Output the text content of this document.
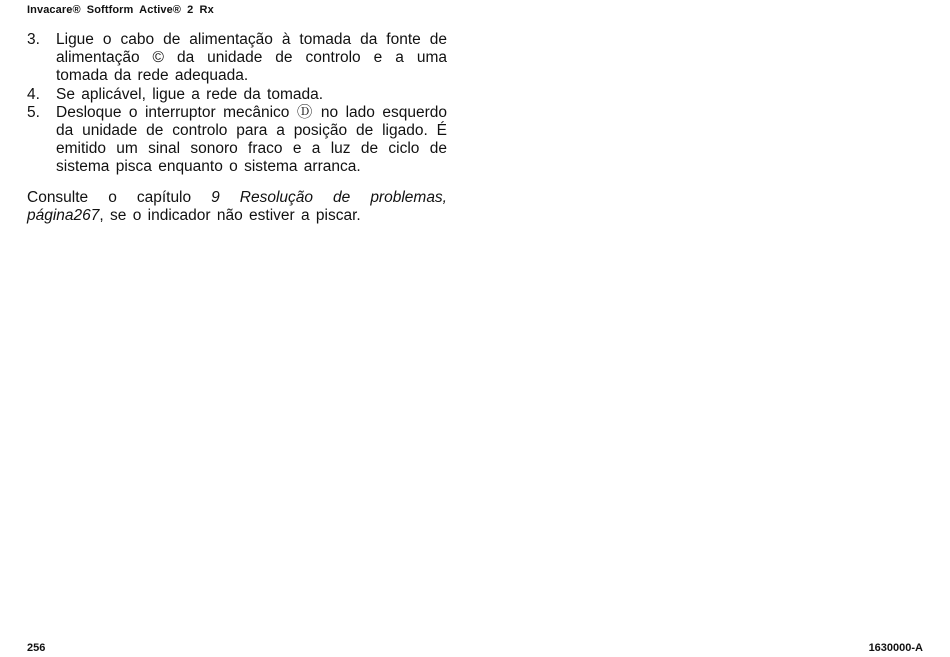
Invacare® Softform Active® 2 Rx
3.	Ligue o cabo de alimentação à tomada da fonte de alimentação © da unidade de controlo e a uma tomada da rede adequada.
4.	Se aplicável, ligue a rede da tomada.
5.	Desloque o interruptor mecânico Ⓓ no lado esquerdo da unidade de controlo para a posição de ligado. É emitido um sinal sonoro fraco e a luz de ciclo de sistema pisca enquanto o sistema arranca.

Consulte o capítulo 9 Resolução de problemas, página267, se o indicador não estiver a piscar.

256	1630000-A
